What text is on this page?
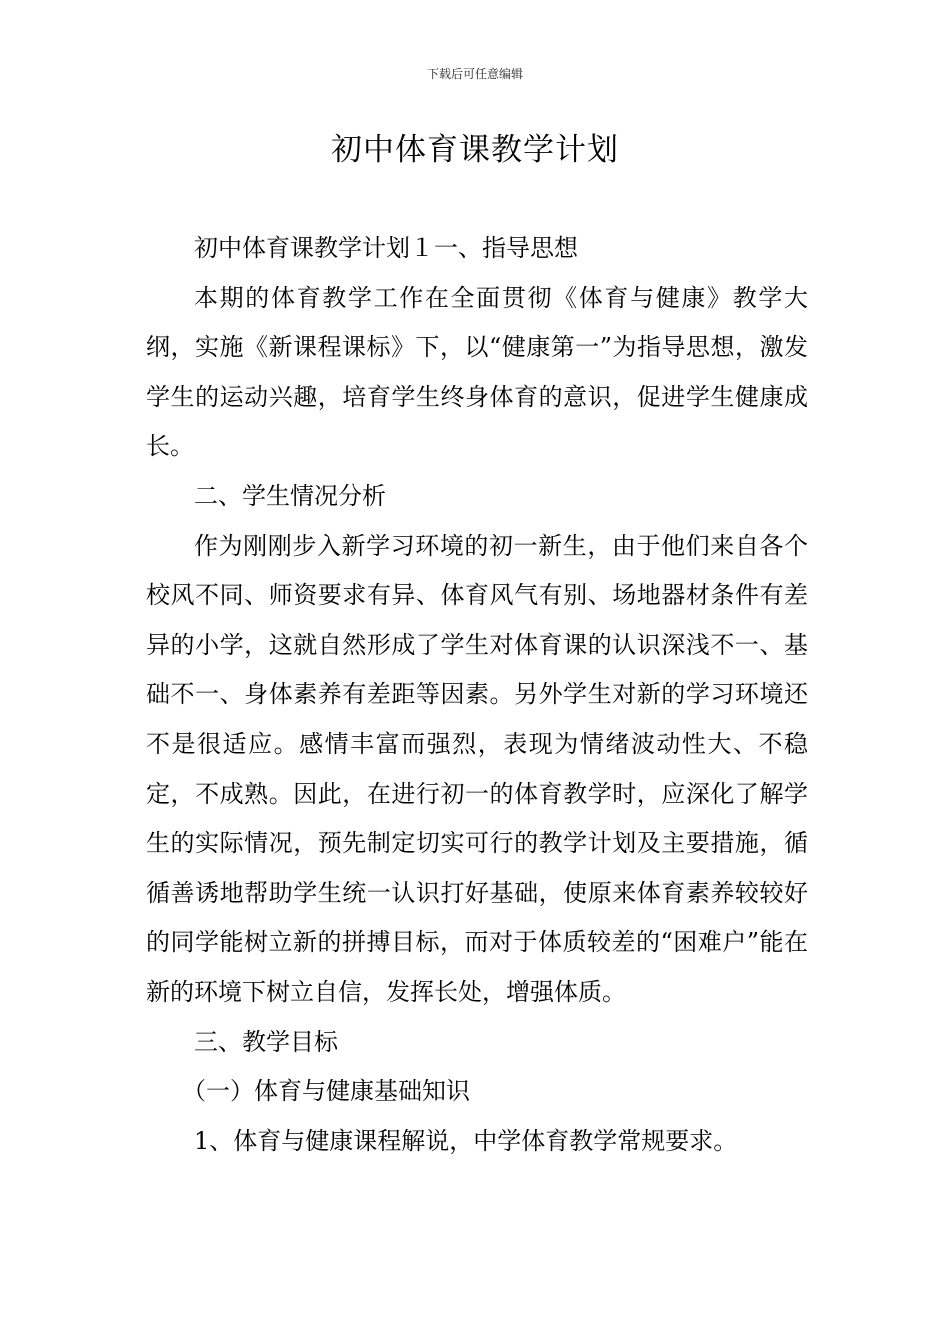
下载后可任意编辑
初中体育课教学计划

初中体育课教学计划１一、指导思想

本期的体育教学工作在全面贯彻《体育与健康》教学大纲，实施《新课程课标》下，以“健康第一”为指导思想，激发学生的运动兴趣，培育学生终身体育的意识，促进学生健康成长。

二、学生情况分析

作为刚刚步入新学习环境的初一新生，由于他们来自各个校风不同、师资要求有异、体育风气有别、场地器材条件有差异的小学，这就自然形成了学生对体育课的认识深浅不一、基础不一、身体素养有差距等因素。另外学生对新的学习环境还不是很适应。感情丰富而强烈，表现为情绪波动性大、不稳定，不成熟。因此，在进行初一的体育教学时，应深化了解学生的实际情况，预先制定切实可行的教学计划及主要措施，循循善诱地帮助学生统一认识打好基础，使原来体育素养较较好的同学能树立新的拼搏目标，而对于体质较差的“困难户”能在新的环境下树立自信，发挥长处，增强体质。

三、教学目标

（一）体育与健康基础知识

1、体育与健康课程解说，中学体育教学常规要求。
